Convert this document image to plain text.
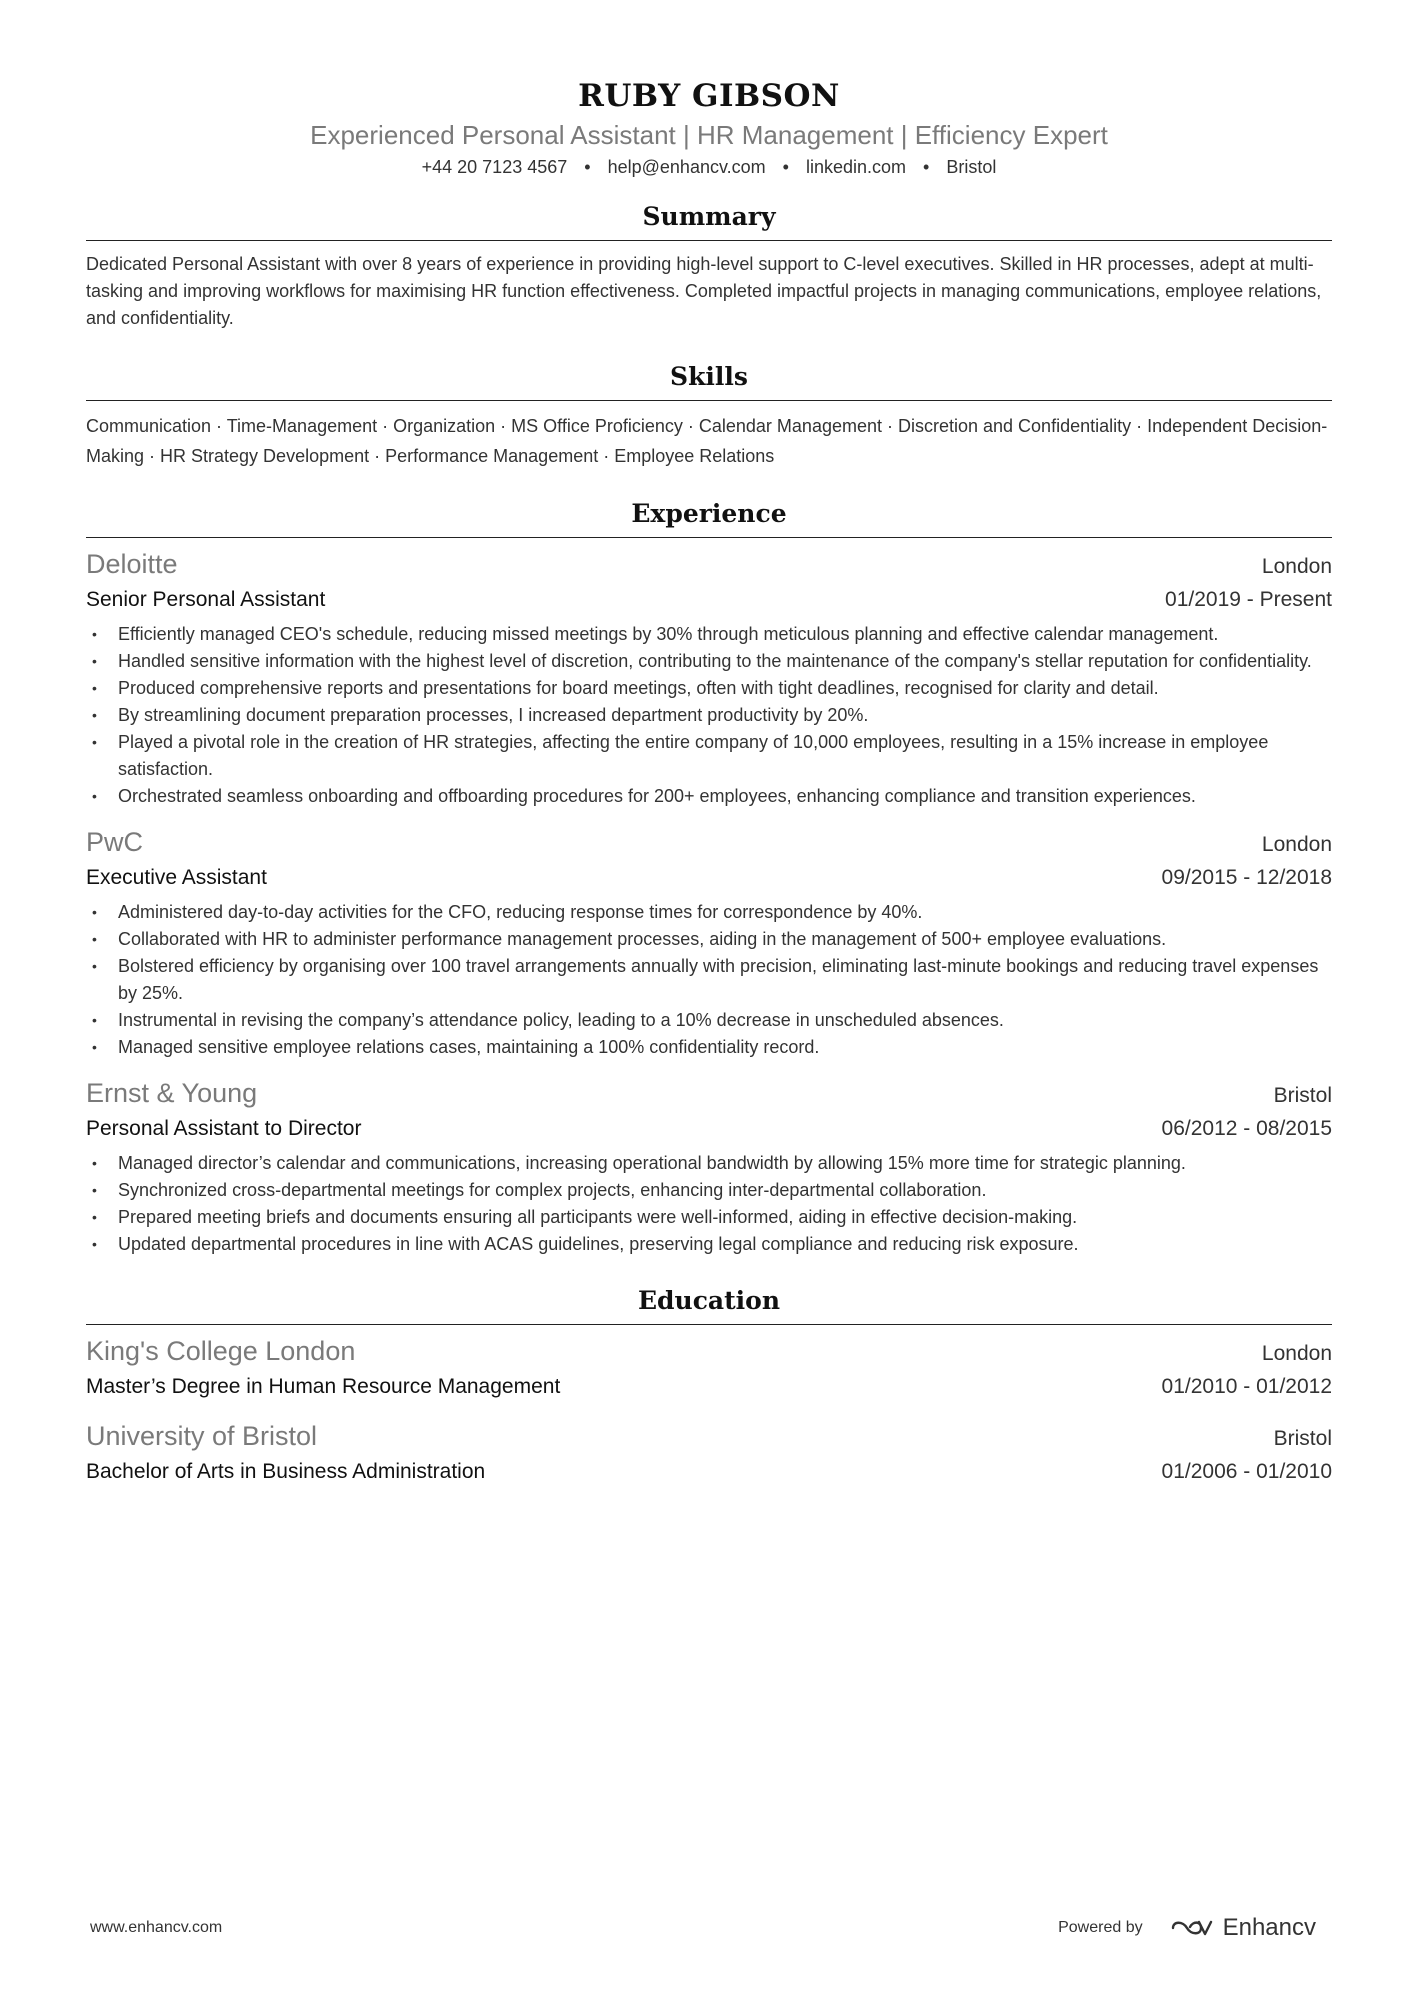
RUBY GIBSON
Experienced Personal Assistant | HR Management | Efficiency Expert
+44 20 7123 4567 • help@enhancv.com • linkedin.com • Bristol
Summary
Dedicated Personal Assistant with over 8 years of experience in providing high-level support to C-level executives. Skilled in HR processes, adept at multi-tasking and improving workflows for maximising HR function effectiveness. Completed impactful projects in managing communications, employee relations, and confidentiality.
Skills
Communication · Time-Management · Organization · MS Office Proficiency · Calendar Management · Discretion and Confidentiality · Independent Decision-Making · HR Strategy Development · Performance Management · Employee Relations
Experience
Deloitte	London
Senior Personal Assistant	01/2019 - Present
• Efficiently managed CEO's schedule, reducing missed meetings by 30% through meticulous planning and effective calendar management.
• Handled sensitive information with the highest level of discretion, contributing to the maintenance of the company's stellar reputation for confidentiality.
• Produced comprehensive reports and presentations for board meetings, often with tight deadlines, recognised for clarity and detail.
• By streamlining document preparation processes, I increased department productivity by 20%.
• Played a pivotal role in the creation of HR strategies, affecting the entire company of 10,000 employees, resulting in a 15% increase in employee satisfaction.
• Orchestrated seamless onboarding and offboarding procedures for 200+ employees, enhancing compliance and transition experiences.
PwC	London
Executive Assistant	09/2015 - 12/2018
• Administered day-to-day activities for the CFO, reducing response times for correspondence by 40%.
• Collaborated with HR to administer performance management processes, aiding in the management of 500+ employee evaluations.
• Bolstered efficiency by organising over 100 travel arrangements annually with precision, eliminating last-minute bookings and reducing travel expenses by 25%.
• Instrumental in revising the company’s attendance policy, leading to a 10% decrease in unscheduled absences.
• Managed sensitive employee relations cases, maintaining a 100% confidentiality record.
Ernst & Young	Bristol
Personal Assistant to Director	06/2012 - 08/2015
• Managed director’s calendar and communications, increasing operational bandwidth by allowing 15% more time for strategic planning.
• Synchronized cross-departmental meetings for complex projects, enhancing inter-departmental collaboration.
• Prepared meeting briefs and documents ensuring all participants were well-informed, aiding in effective decision-making.
• Updated departmental procedures in line with ACAS guidelines, preserving legal compliance and reducing risk exposure.
Education
King's College London	London
Master’s Degree in Human Resource Management	01/2010 - 01/2012
University of Bristol	Bristol
Bachelor of Arts in Business Administration	01/2006 - 01/2010
www.enhancv.com	Powered by	Enhancv
